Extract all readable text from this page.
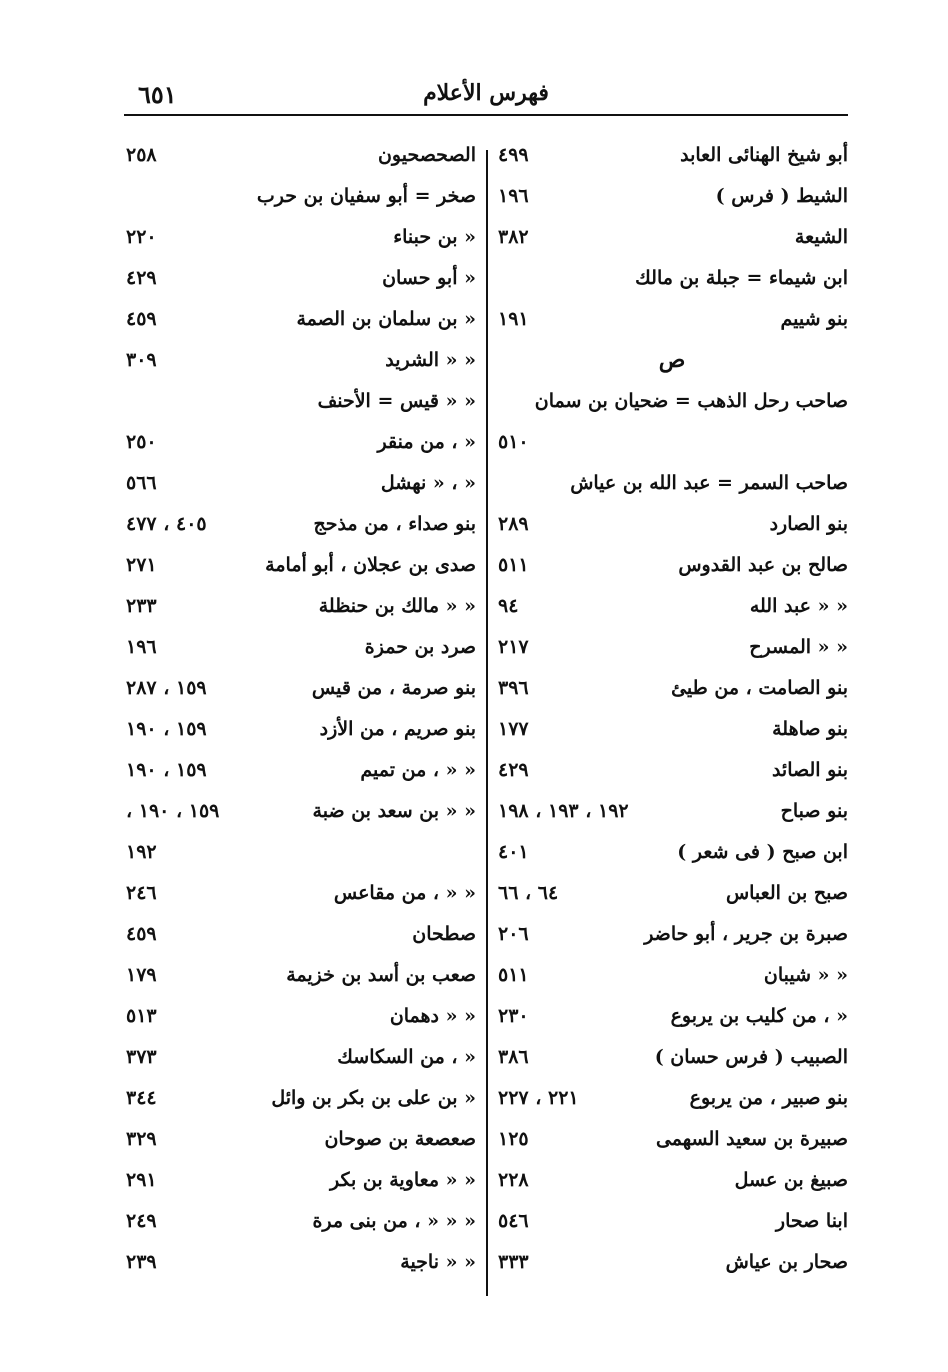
فهرس الأعلام
٦٥١
أبو شيخ الهنائى العابد
٤٩٩
الشيط ( فرس )
١٩٦
الشيعة
٣٨٢
ابن شيماء = جبلة بن مالك
بنو شييم
١٩١
ص
صاحب رحل الذهب = ضحيان بن سمان
٥١٠
صاحب السمر = عبد الله بن عياش
بنو الصارد
٢٨٩
صالح بن عبد القدوس
٥١١
« « عبد الله
٩٤
« « المسرح
٢١٧
بنو الصامت ، من طيئ
٣٩٦
بنو صاهلة
١٧٧
بنو الصائد
٤٢٩
بنو صباح
١٩٢ ، ١٩٣ ، ١٩٨
ابن صبح ( فى شعر )
٤٠١
صبح بن العباس
٦٤ ، ٦٦
صبرة بن جرير ، أبو حاضر
٢٠٦
« « شيبان
٥١١
« ، من كليب بن يربوع
٢٣٠
الصبيب ( فرس حسان )
٣٨٦
بنو صبير ، من يربوع
٢٢١ ، ٢٢٧
صبيرة بن سعيد السهمى
١٢٥
صبيغ بن عسل
٢٢٨
ابنا صحار
٥٤٦
صحار بن عياش
٣٣٣
الصحصحيون
٢٥٨
صخر = أبو سفيان بن حرب
« بن حبناء
٢٢٠
« أبو حسان
٤٢٩
« بن سلمان بن الصمة
٤٥٩
« « الشريد
٣٠٩
« « قيس = الأحنف
« ، من منقر
٢٥٠
« ، « نهشل
٥٦٦
بنو صداء ، من مذحج
٤٠٥ ، ٤٧٧
صدى بن عجلان ، أبو أمامة
٢٧١
« « مالك بن حنظلة
٢٣٣
صرد بن حمزة
١٩٦
بنو صرمة ، من قيس
١٥٩ ، ٢٨٧
بنو صريم ، من الأزد
١٥٩ ، ١٩٠
« « ، من تميم
١٥٩ ، ١٩٠
« « بن سعد بن ضبة
١٥٩ ، ١٩٠ ،
١٩٢
« « ، من مقاعس
٢٤٦
صطحان
٤٥٩
صعب بن أسد بن خزيمة
١٧٩
« « دهمان
٥١٣
« ، من السكاسك
٣٧٣
« بن على بن بكر بن وائل
٣٤٤
صعصعة بن صوحان
٣٢٩
« « معاوية بن بكر
٢٩١
« « « ، من بنى مرة
٢٤٩
« « ناجية
٢٣٩
